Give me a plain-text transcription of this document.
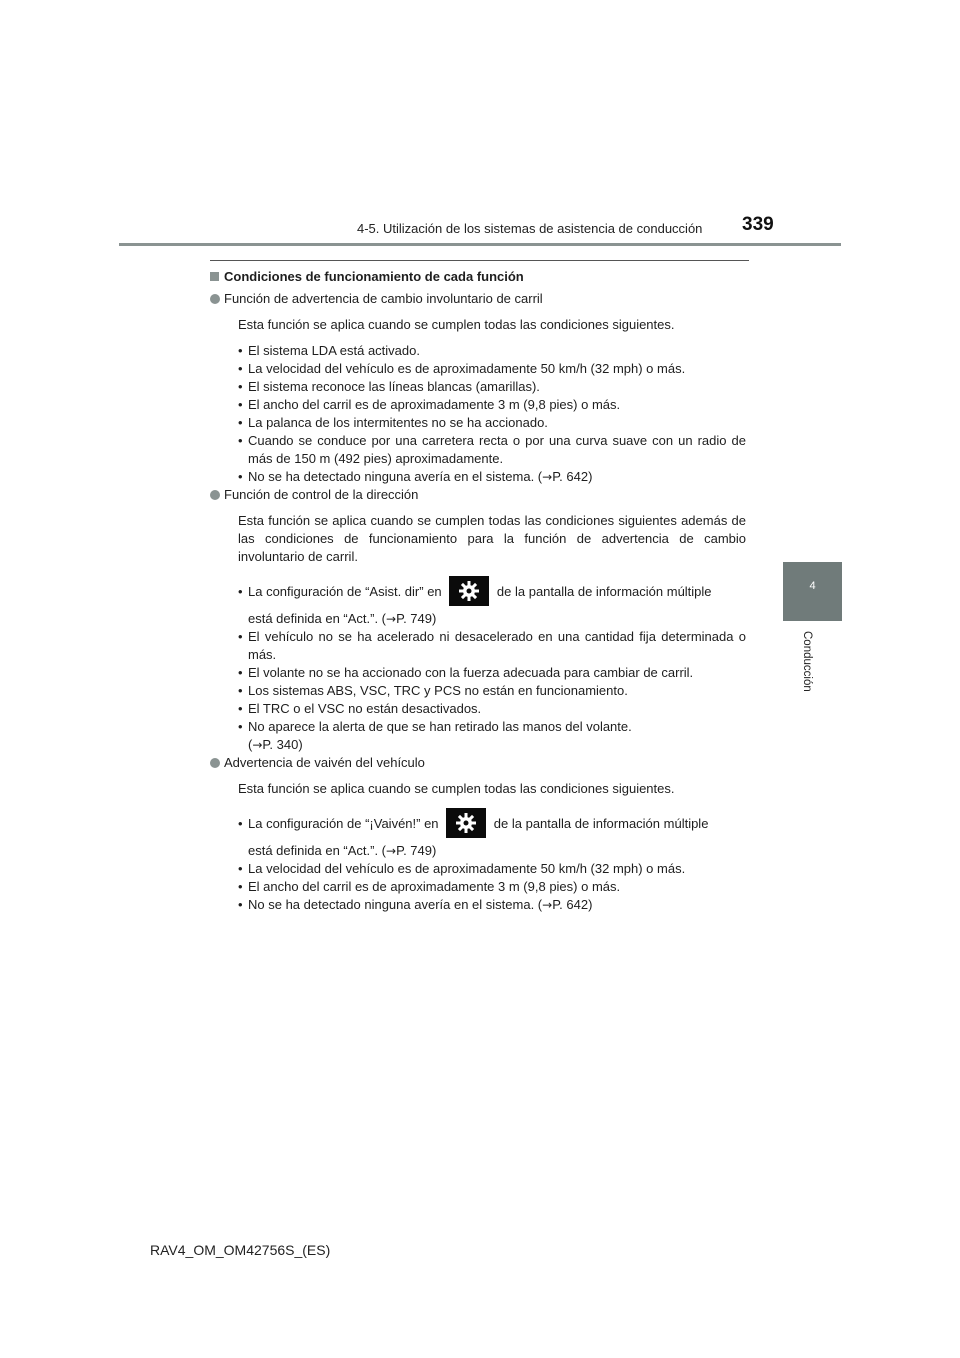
4-5. Utilización de los sistemas de asistencia de conducción 339
4
Conducción
Condiciones de funcionamiento de cada función
Función de advertencia de cambio involuntario de carril
Esta función se aplica cuando se cumplen todas las condiciones siguientes.
• El sistema LDA está activado.
• La velocidad del vehículo es de aproximadamente 50 km/h (32 mph) o más.
• El sistema reconoce las líneas blancas (amarillas).
• El ancho del carril es de aproximadamente 3 m (9,8 pies) o más.
• La palanca de los intermitentes no se ha accionado.
• Cuando se conduce por una carretera recta o por una curva suave con un radio de más de 150 m (492 pies) aproximadamente.
• No se ha detectado ninguna avería en el sistema. (→P. 642)
Función de control de la dirección
Esta función se aplica cuando se cumplen todas las condiciones siguientes además de las condiciones de funcionamiento para la función de advertencia de cambio involuntario de carril.
• La configuración de “Asist. dir” en	de la pantalla de información múltiple
está definida en “Act.”. (→P. 749)
• El vehículo no se ha acelerado ni desacelerado en una cantidad fija determinada o más.
• El volante no se ha accionado con la fuerza adecuada para cambiar de carril.
• Los sistemas ABS, VSC, TRC y PCS no están en funcionamiento.
• El TRC o el VSC no están desactivados.
• No aparece la alerta de que se han retirado las manos del volante.
(→P. 340)
Advertencia de vaivén del vehículo
Esta función se aplica cuando se cumplen todas las condiciones siguientes.
• La configuración de “¡Vaivén!” en	de la pantalla de información múltiple
está definida en “Act.”. (→P. 749)
• La velocidad del vehículo es de aproximadamente 50 km/h (32 mph) o más.
• El ancho del carril es de aproximadamente 3 m (9,8 pies) o más.
• No se ha detectado ninguna avería en el sistema. (→P. 642)
RAV4_OM_OM42756S_(ES)
